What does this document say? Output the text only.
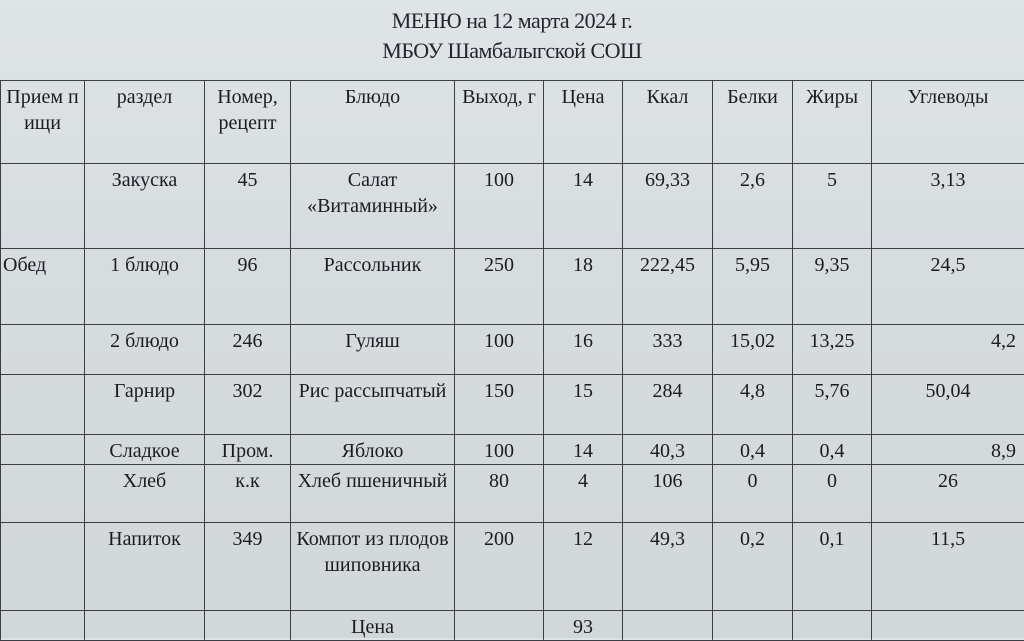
МЕНЮ на 12 марта 2024 г.
МБОУ Шамбалыгской СОШ
Прием пищи	раздел	Номер, рецепт	Блюдо	Выход, г	Цена	Ккал	Белки	Жиры	Углеводы
	Закуска	45	Салат «Витаминный»	100	14	69,33	2,6	5	3,13
Обед	1 блюдо	96	Рассольник	250	18	222,45	5,95	9,35	24,5
	2 блюдо	246	Гуляш	100	16	333	15,02	13,25	4,2
	Гарнир	302	Рис рассыпчатый	150	15	284	4,8	5,76	50,04
	Сладкое	Пром.	Яблоко	100	14	40,3	0,4	0,4	8,9
	Хлеб	к.к	Хлеб пшеничный	80	4	106	0	0	26
	Напиток	349	Компот из плодов шиповника	200	12	49,3	0,2	0,1	11,5
			Цена		93				
